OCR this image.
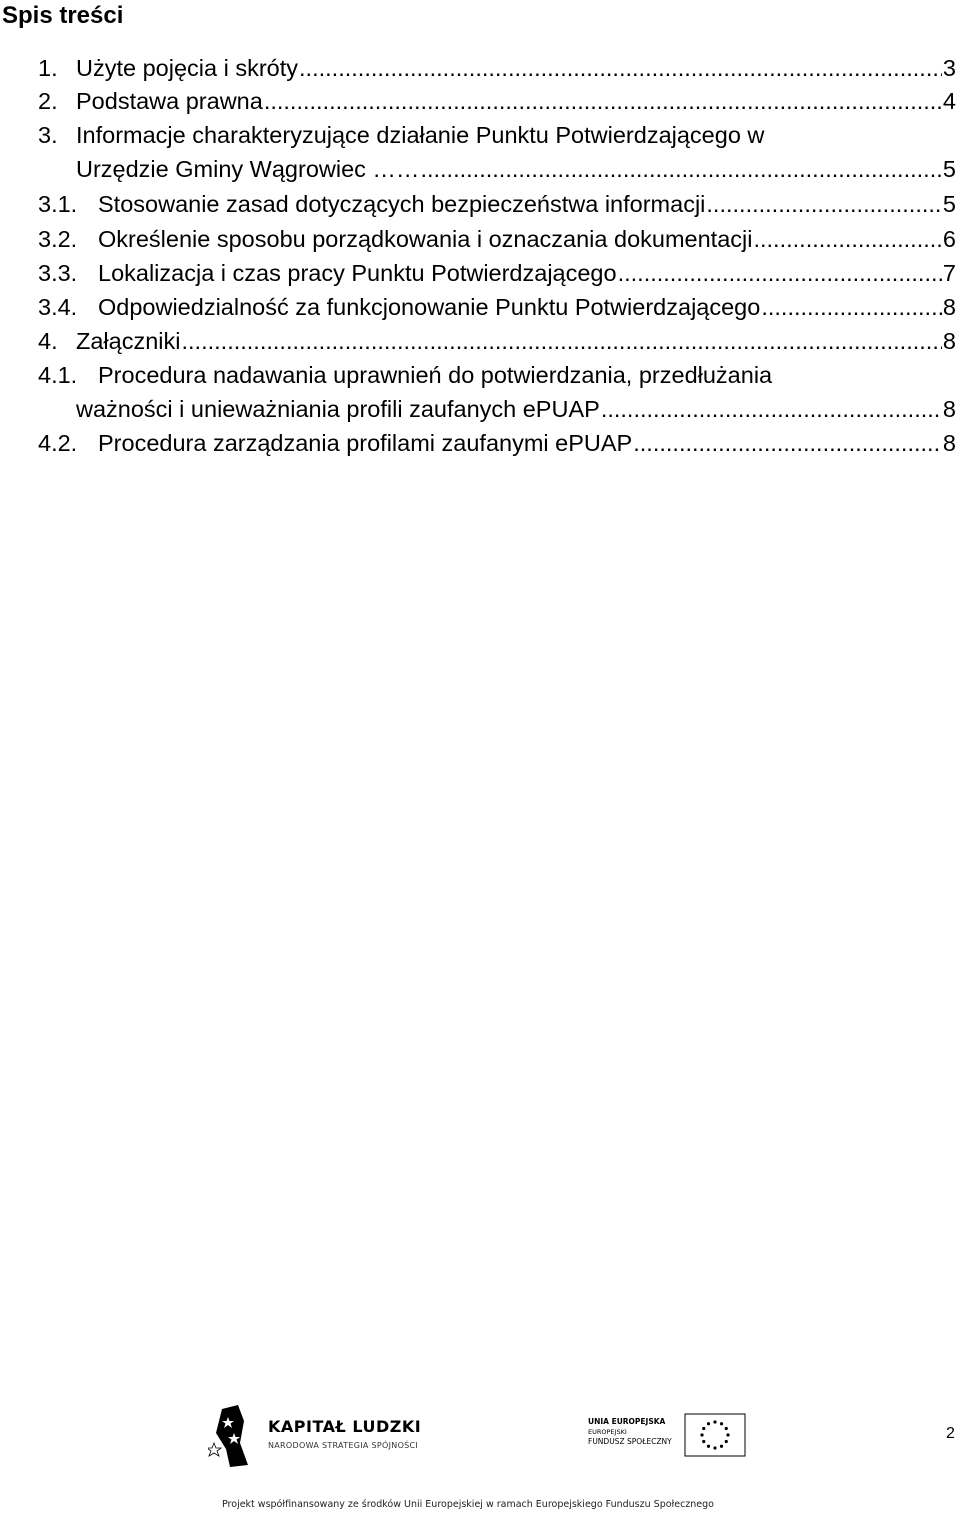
Spis treści
1. Użyte pojęcia i skróty .....	3
2. Podstawa prawna .....	4
3. Informacje charakteryzujące działanie Punktu Potwierdzającego w
Urzędzie Gminy Wągrowiec …… .....	5
3.1. Stosowanie zasad dotyczących bezpieczeństwa informacji .....	5
3.2. Określenie sposobu porządkowania i oznaczania dokumentacji .....	6
3.3. Lokalizacja i czas pracy Punktu Potwierdzającego .....	7
3.4. Odpowiedzialność za funkcjonowanie Punktu Potwierdzającego .....	8
4. Załączniki .....	8
4.1. Procedura nadawania uprawnień do potwierdzania, przedłużania
ważności i unieważniania profili zaufanych ePUAP .....	8
4.2. Procedura zarządzania profilami zaufanymi ePUAP .....	8
KAPITAŁ LUDZKI
NARODOWA STRATEGIA SPÓJNOŚCI
UNIA EUROPEJSKA
EUROPEJSKI
FUNDUSZ SPOŁECZNY	2
Projekt współfinansowany ze środków Unii Europejskiej w ramach Europejskiego Funduszu Społecznego
